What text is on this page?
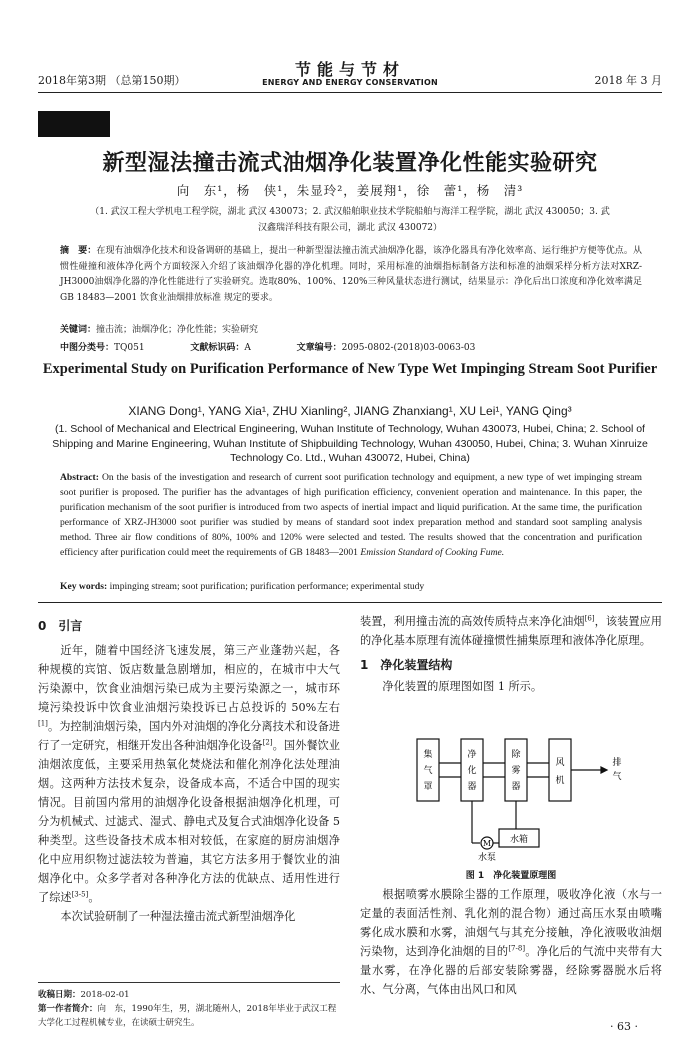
2018年第3期 （总第150期）
节能与节材
ENERGY AND ENERGY CONSERVATION	2018 年 3 月
新型湿法撞击流式油烟净化装置净化性能实验研究
向　东¹，杨　侠¹，朱显玲²，姜展翔¹，徐　蕾¹，杨　清³
（1. 武汉工程大学机电工程学院，湖北 武汉 430073；2. 武汉船舶职业技术学院船舶与海洋工程学院，湖北 武汉 430050；3. 武
汉鑫瑞洋科技有限公司，湖北 武汉 430072）
摘　要：在现有油烟净化技术和设备调研的基础上，提出一种新型湿法撞击流式油烟净化器，该净化器具有净化效率高、运行维护方便等优点。从惯性碰撞和液体净化两个方面较深入介绍了该油烟净化器的净化机理。同时，采用标准的油烟指标制备方法和标准的油烟采样分析方法对XRZ-JH3000油烟净化器的净化性能进行了实验研究。选取80%、100%、120%三种风量状态进行测试，结果显示：净化后出口浓度和净化效率满足GB 18483—2001 饮食业油烟排放标准 规定的要求。
关键词：撞击流；油烟净化；净化性能；实验研究
中图分类号：TQ051	文献标识码：A	文章编号：2095-0802-(2018)03-0063-03
Experimental Study on Purification Performance of New Type Wet Impinging Stream Soot Purifier
XIANG Dong¹, YANG Xia¹, ZHU Xianling², JIANG Zhanxiang¹, XU Lei¹, YANG Qing³
(1. School of Mechanical and Electrical Engineering, Wuhan Institute of Technology, Wuhan 430073, Hubei, China; 2. School of Shipping and Marine Engineering, Wuhan Institute of Shipbuilding Technology, Wuhan 430050, Hubei, China; 3. Wuhan Xinruize Technology Co. Ltd., Wuhan 430072, Hubei, China)
Abstract: On the basis of the investigation and research of current soot purification technology and equipment, a new type of wet impinging stream soot purifier is proposed. The purifier has the advantages of high purification efficiency, convenient operation and maintenance. In this paper, the purification mechanism of the soot purifier is introduced from two aspects of inertial impact and liquid purification. At the same time, the purification performance of XRZ-JH3000 soot purifier was studied by means of standard soot index preparation method and standard soot sampling analysis method. Three air flow conditions of 80%, 100% and 120% were selected and tested. The results showed that the concentration and purification efficiency after purification could meet the requirements of GB 18483—2001 Emission Standard of Cooking Fume.
Key words: impinging stream; soot purification; purification performance; experimental study
0　引言

近年，随着中国经济飞速发展，第三产业蓬勃兴起，各种规模的宾馆、饭店数量急剧增加，相应的，在城市中大气污染源中，饮食业油烟污染已成为主要污染源之一，城市环境污染投诉中饮食业油烟污染投诉已占总投诉的 50%左右[1]。为控制油烟污染，国内外对油烟的净化分离技术和设备进行了一定研究，相继开发出各种油烟净化设备[2]。国外餐饮业油烟浓度低，主要采用热氧化焚烧法和催化剂净化法处理油烟。这两种方法技术复杂，设备成本高，不适合中国的现实情况。目前国内常用的油烟净化设备根据油烟净化机理，可分为机械式、过滤式、湿式、静电式及复合式油烟净化设备 5 种类型。这些设备技术成本相对较低，在家庭的厨房油烟净化中应用织物过滤法较为普遍，其它方法多用于餐饮业的油烟净化中。众多学者对各种净化方法的优缺点、适用性进行了综述[3-5]。

本次试验研制了一种湿法撞击流式新型油烟净化

收稿日期：2018-02-01
第一作者简介：向　东，1990年生，男，湖北随州人，2018年毕业于武汉工程大学化工过程机械专业，在读硕士研究生。
装置，利用撞击流的高效传质特点来净化油烟[6]，该装置应用的净化基本原理有流体碰撞惯性捕集原理和液体净化原理。
1　净化装置结构

净化装置的原理图如图 1 所示。

集
气
罩
净
化
器
除
雾
器
风
机
排
气
M 水箱
水泵
图 1　净化装置原理图

根据喷雾水膜除尘器的工作原理，吸收净化液（水与一定量的表面活性剂、乳化剂的混合物）通过高压水泵由喷嘴雾化成水膜和水雾，油烟气与其充分接触，净化液吸收油烟污染物，达到净化油烟的目的[7-8]。净化后的气流中夹带有大量水雾，在净化器的后部安装除雾器，经除雾器脱水后将水、气分离，气体由出风口和风

· 63 ·
